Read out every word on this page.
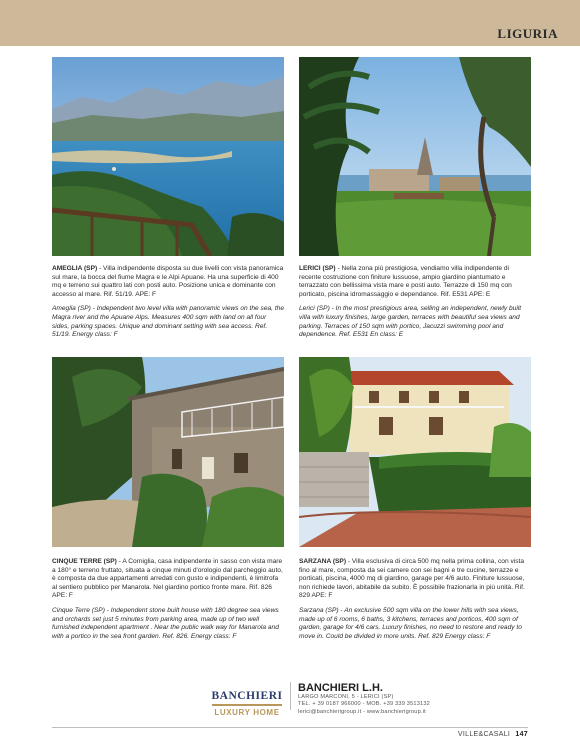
LIGURIA

AMEGLIA (SP) - Villa indipendente disposta su due livelli con vista panoramica sul mare, la bocca del fiume Magra e le Alpi Apuane. Ha una superficie di 400 mq e terreno sui quattro lati con posti auto. Posizione unica e dominante con accesso al mare. Rif. 51/19. APE: F

Ameglia (SP) - Independent two level villa with panoramic views on the sea, the Magra river and the Apuane Alps. Measures 400 sqm with land on all four sides, parking spaces. Unique and dominant setting with sea access. Ref. 51/19. Energy class: F

LERICI (SP) - Nella zona più prestigiosa, vendiamo villa indipendente di recente costruzione con finiture lussuose, ampio giardino piantumato e terrazzato con bellissima vista mare e posti auto. Terrazze di 150 mq con porticato, piscina idromassaggio e dependance. Rif. E531 APE: E

Lerici (SP) - In the most prestigious area, selling an independent, newly built villa with luxury finishes, large garden, terraces with beautiful sea views and parking. Terraces of 150 sqm with portico, Jacuzzi swimming pool and dependence. Ref. E531 En class: E

CINQUE TERRE (SP) - A Corniglia, casa indipendente in sasso con vista mare a 180° e terreno fruttato, situata a cinque minuti d'orologio dal parcheggio auto, è composta da due appartamenti arredati con gusto e indipendenti, è limitrofa al sentiero pubblico per Manarola. Nel giardino portico fronte mare. Rif. 826 APE: F

Cinque Terre (SP) - Independent stone built house with 180 degree sea views and orchards set just 5 minutes from parking area, made up of two well furnished independent apartment . Near the public walk way for Manarola and with a portico in the sea front garden. Ref. 826. Energy class: F

SARZANA (SP) - Villa esclusiva di circa 500 mq nella prima collina, con vista fino al mare, composta da sei camere con sei bagni e tre cucine, terrazze e porticati, piscina, 4000 mq di giardino, garage per 4/6 auto. Finiture lussuose, non richiede lavori, abitabile da subito. È possibile frazionarla in più unità. Rif. 829 APE: F

Sarzana (SP) - An exclusive 500 sqm villa on the lower hills with sea views, made up of 6 rooms, 6 baths, 3 kitchens, terraces and porticos, 400 sqm of garden, garage for 4/6 cars. Luxury finishes, no need to restore and ready to move in. Could be divided in more units. Ref. 829 Energy class: F

BANCHIERI
LUXURY HOME
BANCHIERI L.H.
LARGO MARCONI, 5 - LERICI (SP)
TEL. + 39 0187 966000 - MOB. +39 339 3513132
lerici@banchierigroup.it - www.banchierigroup.it
VILLE&CASALI 147
